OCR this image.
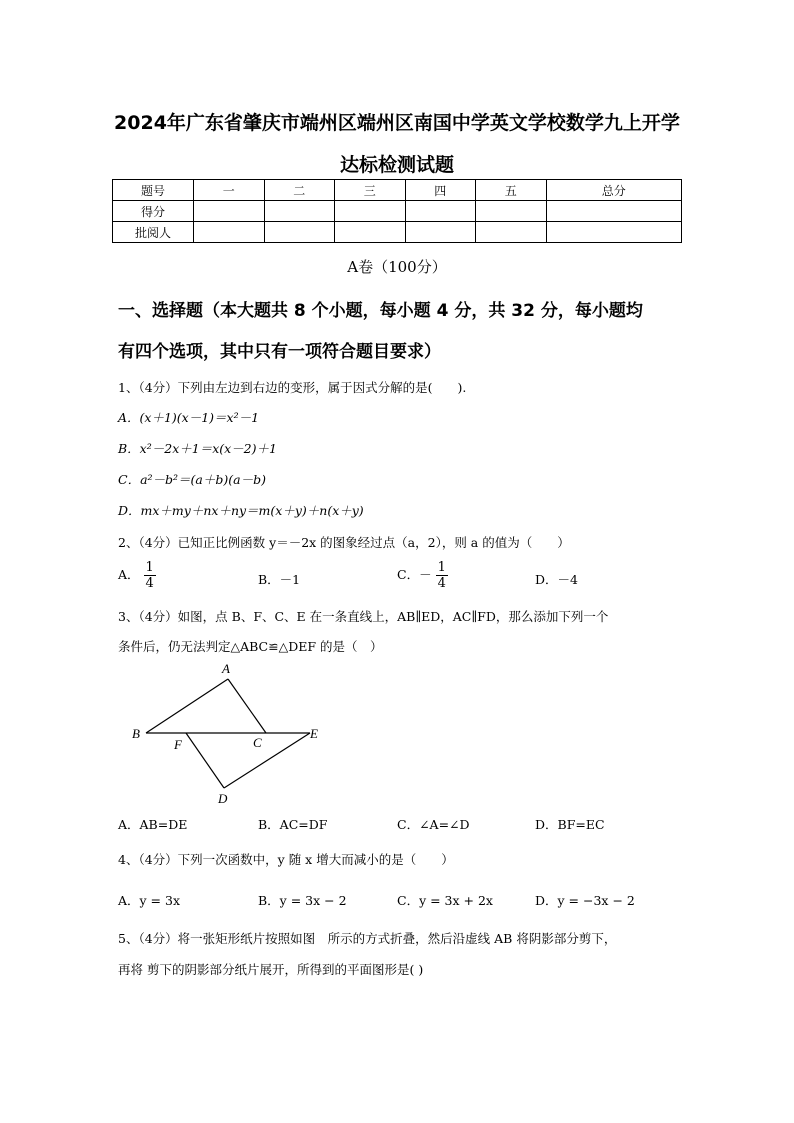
2024年广东省肇庆市端州区端州区南国中学英文学校数学九上开学
达标检测试题
题号	一	二	三	四	五	总分
得分						
批阅人						
A卷（100分）
一、选择题（本大题共 8 个小题，每小题 4 分，共 32 分，每小题均
有四个选项，其中只有一项符合题目要求）
1、（4分）下列由左边到右边的变形，属于因式分解的是(　　).
A．(x＋1)(x－1)＝x²－1
B．x²－2x＋1＝x(x－2)＋1
C．a²－b²＝(a＋b)(a－b)
D．mx＋my＋nx＋ny＝m(x＋y)＋n(x＋y)
2、（4分）已知正比例函数 y＝－2x 的图象经过点（a，2），则 a 的值为（　　）
A． $\frac{1}{4}$	B．－1	C．－ $\frac{1}{4}$	D．－4
3、（4分）如图，点 B、F、C、E 在一条直线上，AB∥ED，AC∥FD，那么添加下列一个
条件后，仍无法判定△ABC≌△DEF 的是（　）
A
B
F	C
E
D
A．AB=DE	B．AC=DF	C．∠A=∠D	D．BF=EC
4、（4分）下列一次函数中，y 随 x 增大而减小的是（　　）
A．y = 3x	B．y = 3x − 2	C．y = 3x + 2x	D．y = −3x − 2
5、（4分）将一张矩形纸片按照如图　所示的方式折叠，然后沿虚线 AB 将阴影部分剪下，
再将 剪下的阴影部分纸片展开，所得到的平面图形是( )
